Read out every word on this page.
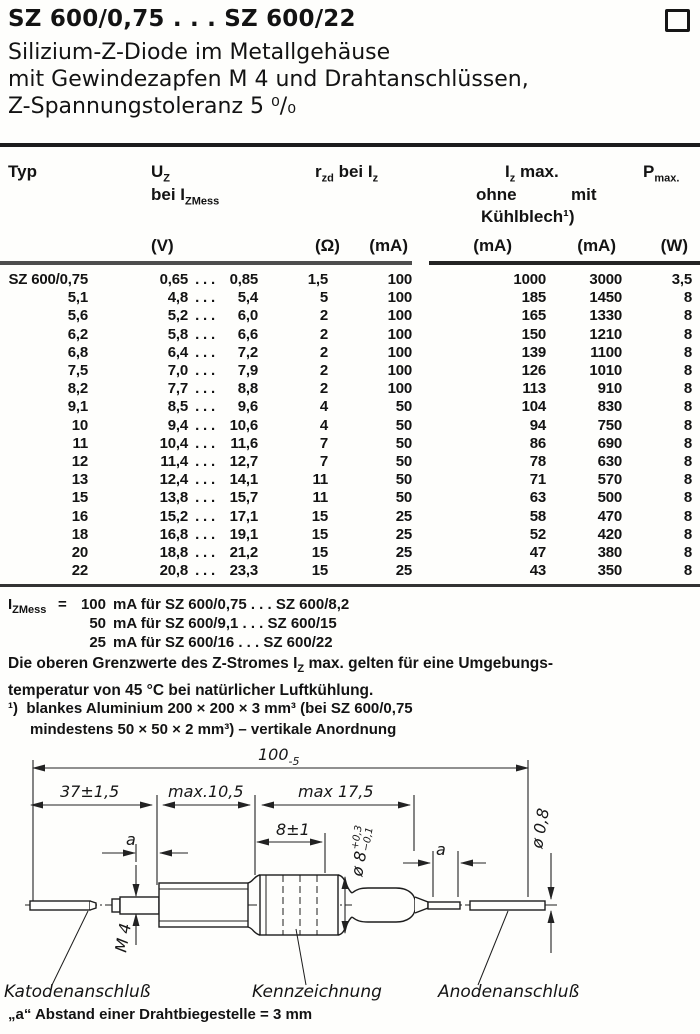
SZ 600/0,75 . . . SZ 600/22
Silizium-Z-Diode im Metallgehäuse
mit Gewindezapfen M 4 und Drahtanschlüssen,
Z-Spannungstoleranz 5 ⁰/₀
Typ	$U_Z$
bei $I_{ZMess}$
$r_{zd}$ bei $I_z$	$I_z$ max.
ohne	mit
Kühlblech¹)
$P_{max.}$
(V)	(Ω)	(mA)	(mA)	(mA)	(W)
SZ 600/0,75	0,65	. . .	0,85	1,5	100	1000	3000	3,5
5,1	4,8	. . .	5,4	5	100	185	1450	8
5,6	5,2	. . .	6,0	2	100	165	1330	8
6,2	5,8	. . .	6,6	2	100	150	1210	8
6,8	6,4	. . .	7,2	2	100	139	1100	8
7,5	7,0	. . .	7,9	2	100	126	1010	8
8,2	7,7	. . .	8,8	2	100	113	910	8
9,1	8,5	. . .	9,6	4	50	104	830	8
10	9,4	. . .	10,6	4	50	94	750	8
11	10,4	. . .	11,6	7	50	86	690	8
12	11,4	. . .	12,7	7	50	78	630	8
13	12,4	. . .	14,1	11	50	71	570	8
15	13,8	. . .	15,7	11	50	63	500	8
16	15,2	. . .	17,1	15	25	58	470	8
18	16,8	. . .	19,1	15	25	52	420	8
20	18,8	. . .	21,2	15	25	47	380	8
22	20,8	. . .	23,3	15	25	43	350	8
$I_{ZMess} = 100$ mA für SZ 600/0,75 . . . SZ 600/8,2
50 mA für SZ 600/9,1 . . . SZ 600/15
25 mA für SZ 600/16 . . . SZ 600/22
Die oberen Grenzwerte des Z-Stromes $I_Z$ max. gelten für eine Umgebungs-
temperatur von 45 °C bei natürlicher Luftkühlung.
¹) blankes Aluminium 200 × 200 × 3 mm³ (bei SZ 600/0,75
mindestens 50 × 50 × 2 mm³) – vertikale Anordnung
$100_{-5}$
37±1,5	max.10,5	max 17,5
8±1
a
a
ø 8
+0,3
−0,1	ø 0,8
M 4
Katodenanschluß	Kennzeichnung	Anodenanschluß
„a“ Abstand einer Drahtbiegestelle = 3 mm
